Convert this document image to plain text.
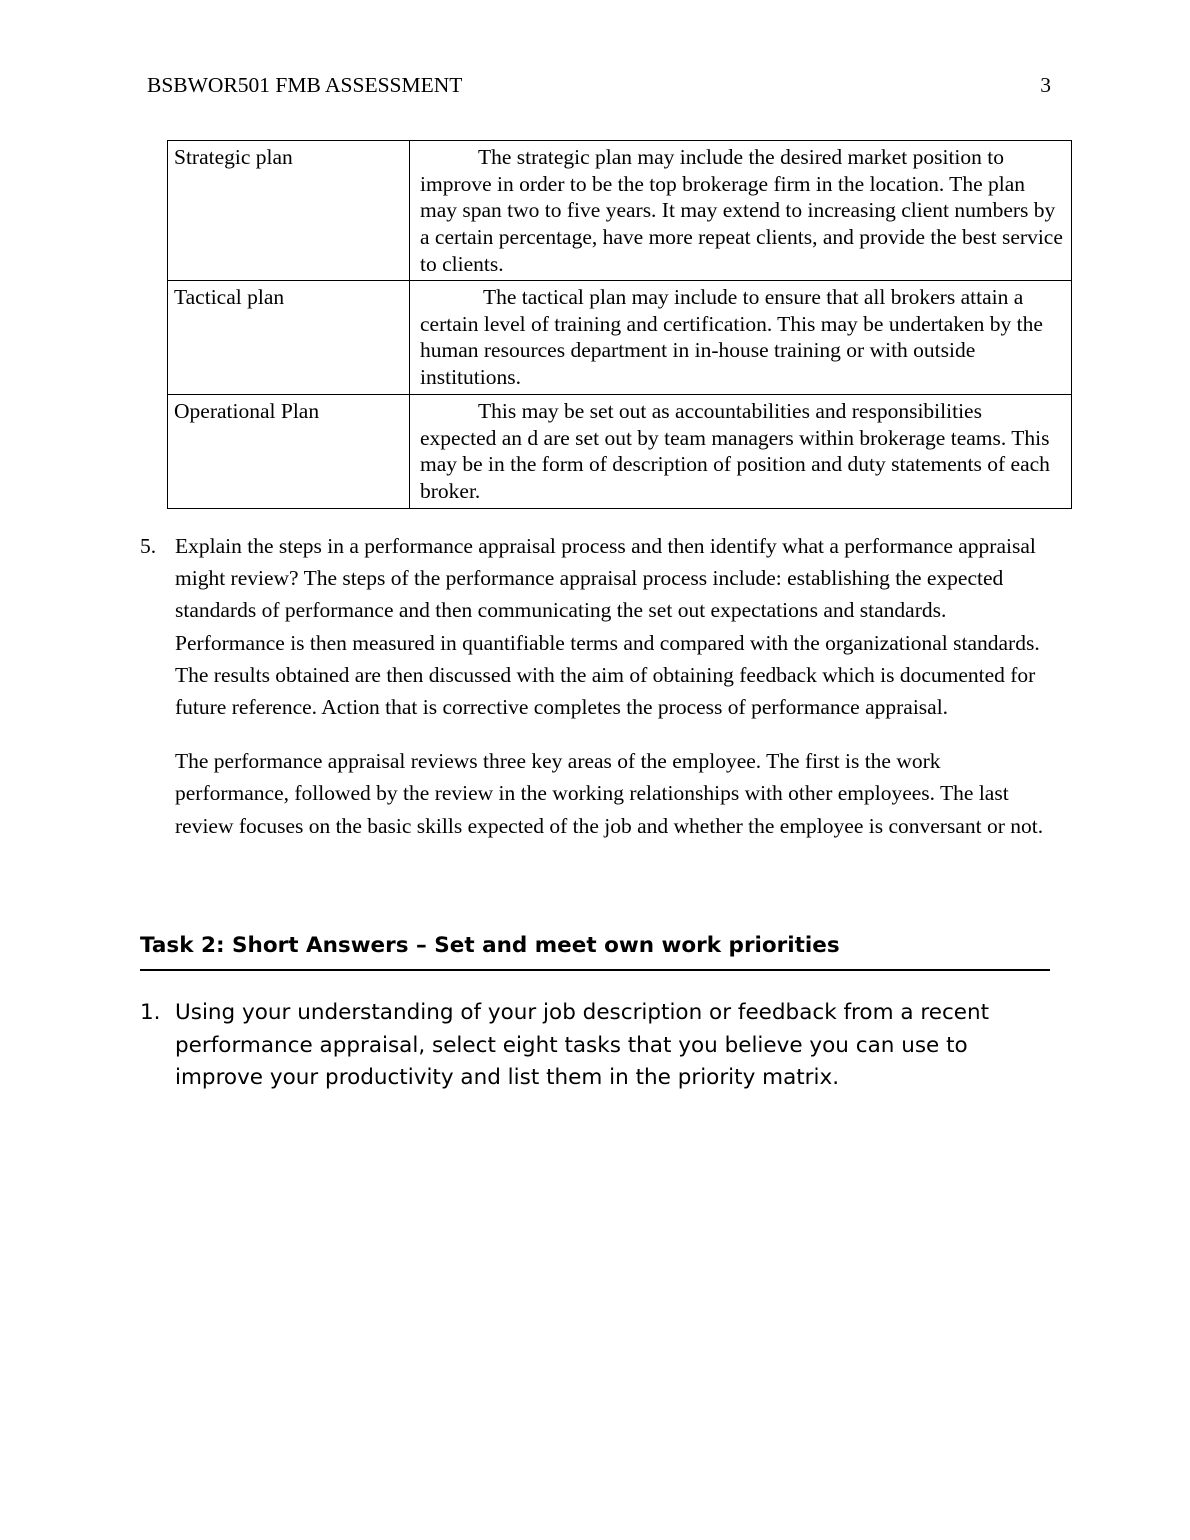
BSBWOR501 FMB ASSESSMENT	3
Strategic plan	The strategic plan may include the desired market position to improve in order to be the top brokerage firm in the location. The plan may span two to five years. It may extend to increasing client numbers by a certain percentage, have more repeat clients, and provide the best service to clients.
Tactical plan	The tactical plan may include to ensure that all brokers attain a certain level of training and certification. This may be undertaken by the human resources department in in-house training or with outside institutions.
Operational Plan	This may be set out as accountabilities and responsibilities expected an d are set out by team managers within brokerage teams. This may be in the form of description of position and duty statements of each broker.
5. Explain the steps in a performance appraisal process and then identify what a performance appraisal might review? The steps of the performance appraisal process include: establishing the expected standards of performance and then communicating the set out expectations and standards. Performance is then measured in quantifiable terms and compared with the organizational standards. The results obtained are then discussed with the aim of obtaining feedback which is documented for future reference. Action that is corrective completes the process of performance appraisal.

The performance appraisal reviews three key areas of the employee. The first is the work performance, followed by the review in the working relationships with other employees. The last review focuses on the basic skills expected of the job and whether the employee is conversant or not.

Task 2: Short Answers – Set and meet own work priorities
1. Using your understanding of your job description or feedback from a recent performance appraisal, select eight tasks that you believe you can use to improve your productivity and list them in the priority matrix.
